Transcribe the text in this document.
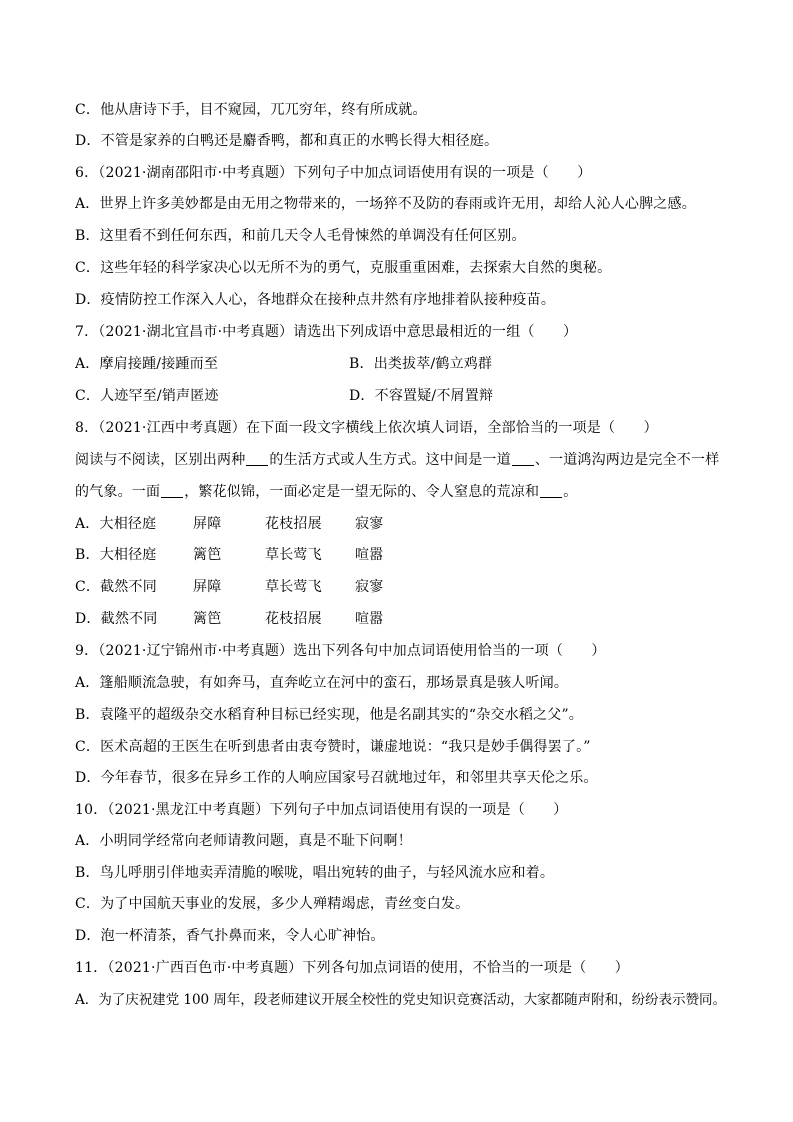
C．他从唐诗下手，目不窥园，兀兀穷年，终有所成就。
D．不管是家养的白鸭还是麝香鸭，都和真正的水鸭长得大相径庭。
6．（2021·湖南邵阳市·中考真题）下列句子中加点词语使用有误的一项是（　　）
A．世界上许多美妙都是由无用之物带来的，一场猝不及防的春雨或许无用，却给人沁人心脾之感。
B．这里看不到任何东西，和前几天令人毛骨悚然的单调没有任何区别。
C．这些年轻的科学家决心以无所不为的勇气，克服重重困难，去探索大自然的奥秘。
D．疫情防控工作深入人心，各地群众在接种点井然有序地排着队接种疫苗。
7．（2021·湖北宜昌市·中考真题）请选出下列成语中意思最相近的一组（　　）
A．摩肩接踵/接踵而至	B．出类拔萃/鹤立鸡群
C．人迹罕至/销声匿迹	D．不容置疑/不屑置辩
8．（2021·江西中考真题）在下面一段文字横线上依次填人词语，全部恰当的一项是（　　）
阅读与不阅读，区别出两种 的生活方式或人生方式。这中间是一道 、一道鸿沟两边是完全不一样
的气象。一面 ，繁花似锦，一面必定是一望无际的、令人窒息的荒凉和 。
A．大相径庭	屏障	花枝招展 寂寥
B．大相径庭	篱笆	草长莺飞 喧嚣
C．截然不同	屏障	草长莺飞 寂寥
D．截然不同	篱笆	花枝招展 喧嚣
9．（2021·辽宁锦州市·中考真题）选出下列各句中加点词语使用恰当的一项（　　）
A．篷船顺流急驶，有如奔马，直奔屹立在河中的蛮石，那场景真是骇人听闻。
B．袁隆平的超级杂交水稻育种目标已经实现，他是名副其实的“杂交水稻之父”。
C．医术高超的王医生在听到患者由衷夸赞时，谦虚地说：“我只是妙手偶得罢了。”
D．今年春节，很多在异乡工作的人响应国家号召就地过年，和邻里共享天伦之乐。
10．（2021·黑龙江中考真题）下列句子中加点词语使用有误的一项是（　　）
A．小明同学经常向老师请教问题，真是不耻下问啊！
B．鸟儿呼朋引伴地卖弄清脆的喉咙，唱出宛转的曲子，与轻风流水应和着。
C．为了中国航天事业的发展，多少人殚精竭虑，青丝变白发。
D．泡一杯清茶，香气扑鼻而来，令人心旷神怡。
11．（2021·广西百色市·中考真题）下列各句加点词语的使用，不恰当的一项是（　　）
A．为了庆祝建党 100 周年，段老师建议开展全校性的党史知识竞赛活动，大家都随声附和，纷纷表示赞同。
